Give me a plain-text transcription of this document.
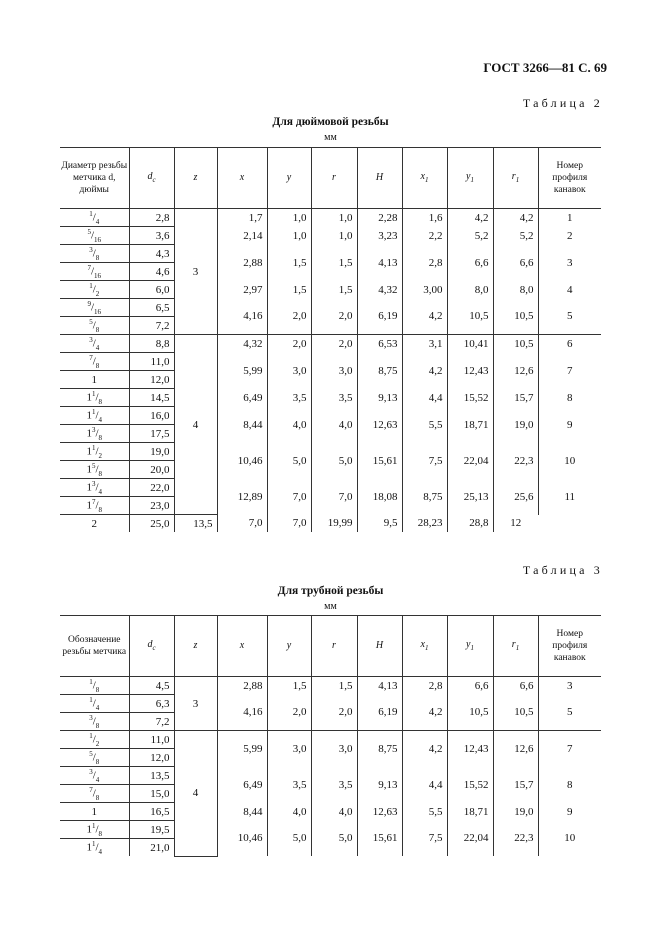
ГОСТ 3266—81 С. 69
Таблица 2
Для дюймовой резьбы
мм
Диаметр резьбы метчика d, дюймы	$d_с$	z	x	y	r	H	$x_1$	$y_1$	$r_1$	Номер профиля канавок
$^1/_4$	2,8	3	1,7	1,0	1,0	2,28	1,6	4,2	4,2	1
$^5/_{16}$	3,6		2,14	1,0	1,0	3,23	2,2	5,2	5,2	2
$^3/_8$	4,3		2,88	1,5	1,5	4,13	2,8	6,6	6,6	3
$^7/_{16}$	4,6									
$^1/_2$	6,0		2,97	1,5	1,5	4,32	3,00	8,0	8,0	4
$^9/_{16}$	6,5		4,16	2,0	2,0	6,19	4,2	10,5	10,5	5
$^5/_8$	7,2									
$^3/_4$	8,8	4	4,32	2,0	2,0	6,53	3,1	10,41	10,5	6
$^7/_8$	11,0		5,99	3,0	3,0	8,75	4,2	12,43	12,6	7
1	12,0									
$1^1/_8$	14,5		6,49	3,5	3,5	9,13	4,4	15,52	15,7	8
$1^1/_4$	16,0		8,44	4,0	4,0	12,63	5,5	18,71	19,0	9
$1^3/_8$	17,5									
$1^1/_2$	19,0		10,46	5,0	5,0	15,61	7,5	22,04	22,3	10
$1^5/_8$	20,0									
$1^3/_4$	22,0		12,89	7,0	7,0	18,08	8,75	25,13	25,6	11
$1^7/_8$	23,0									
2	25,0	13,5	7,0	7,0	19,99	9,5	28,23	28,8	12	
Таблица 3
Для трубной резьбы
мм
Обозначение резьбы метчика	$d_с$	z	x	y	r	H	$x_1$	$y_1$	$r_1$	Номер профиля канавок
$^1/_8$	4,5	3	2,88	1,5	1,5	4,13	2,8	6,6	6,6	3
$^1/_4$	6,3		4,16	2,0	2,0	6,19	4,2	10,5	10,5	5
$^3/_8$	7,2									
$^1/_2$	11,0	4	5,99	3,0	3,0	8,75	4,2	12,43	12,6	7
$^5/_8$	12,0									
$^3/_4$	13,5		6,49	3,5	3,5	9,13	4,4	15,52	15,7	8
$^7/_8$	15,0									
1	16,5		8,44	4,0	4,0	12,63	5,5	18,71	19,0	9
$1^1/_8$	19,5		10,46	5,0	5,0	15,61	7,5	22,04	22,3	10
$1^1/_4$	21,0									
